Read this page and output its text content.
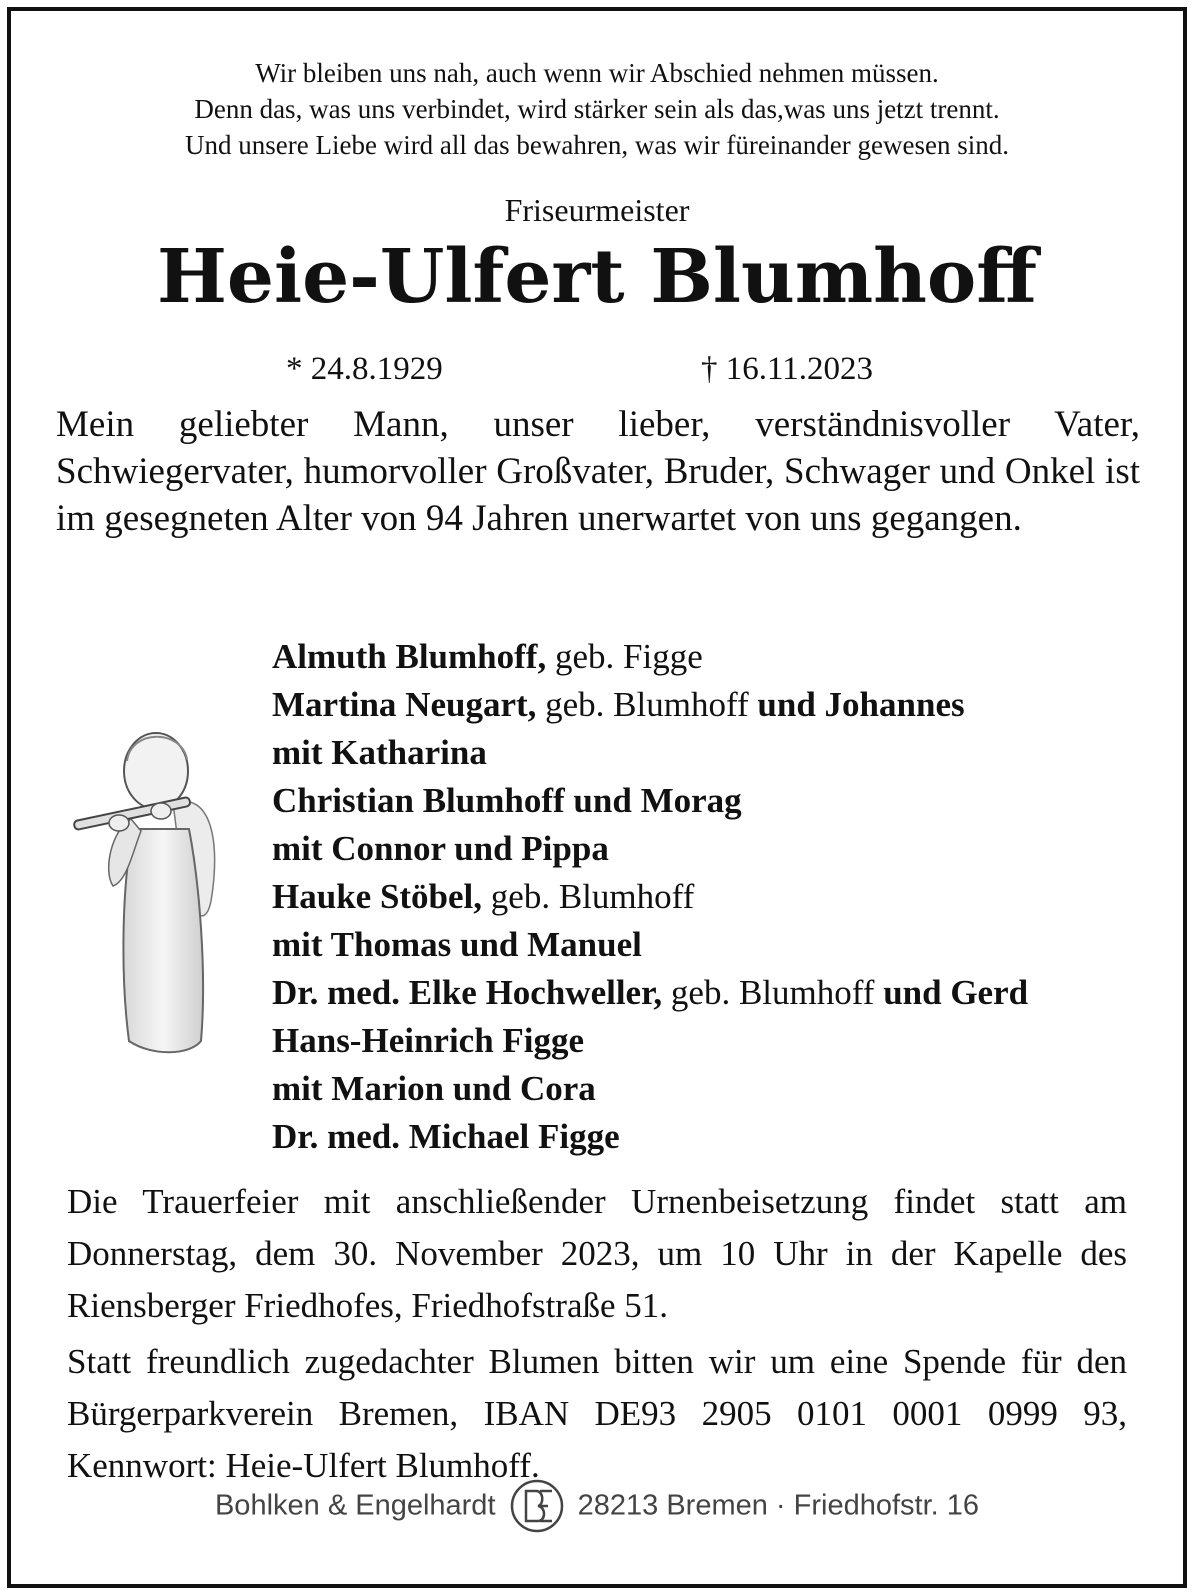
Wir bleiben uns nah, auch wenn wir Abschied nehmen müssen.
Denn das, was uns verbindet, wird stärker sein als das,was uns jetzt trennt.
Und unsere Liebe wird all das bewahren, was wir füreinander gewesen sind.
Friseurmeister
Heie-Ulfert Blumhoff
* 24.8.1929	† 16.11.2023
Mein geliebter Mann, unser lieber, verständnisvoller Vater, Schwiegervater, humorvoller Großvater, Bruder, Schwager und Onkel ist im gesegneten Alter von 94 Jahren unerwartet von uns gegangen.
Almuth Blumhoff, geb. Figge
Martina Neugart, geb. Blumhoff und Johannes
mit Katharina
Christian Blumhoff und Morag
mit Connor und Pippa
Hauke Stöbel, geb. Blumhoff
mit Thomas und Manuel
Dr. med. Elke Hochweller, geb. Blumhoff und Gerd
Hans-Heinrich Figge
mit Marion und Cora
Dr. med. Michael Figge
Die Trauerfeier mit anschließender Urnenbeisetzung findet statt am Donnerstag, dem 30. November 2023, um 10 Uhr in der Kapelle des Riensberger Friedhofes, Friedhofstraße 51.
Statt freundlich zugedachter Blumen bitten wir um eine Spende für den Bürgerparkverein Bremen, IBAN DE93 2905 0101 0001 0999 93, Kennwort: Heie-Ulfert Blumhoff.
Bohlken & Engelhardt	28213 Bremen · Friedhofstr. 16
